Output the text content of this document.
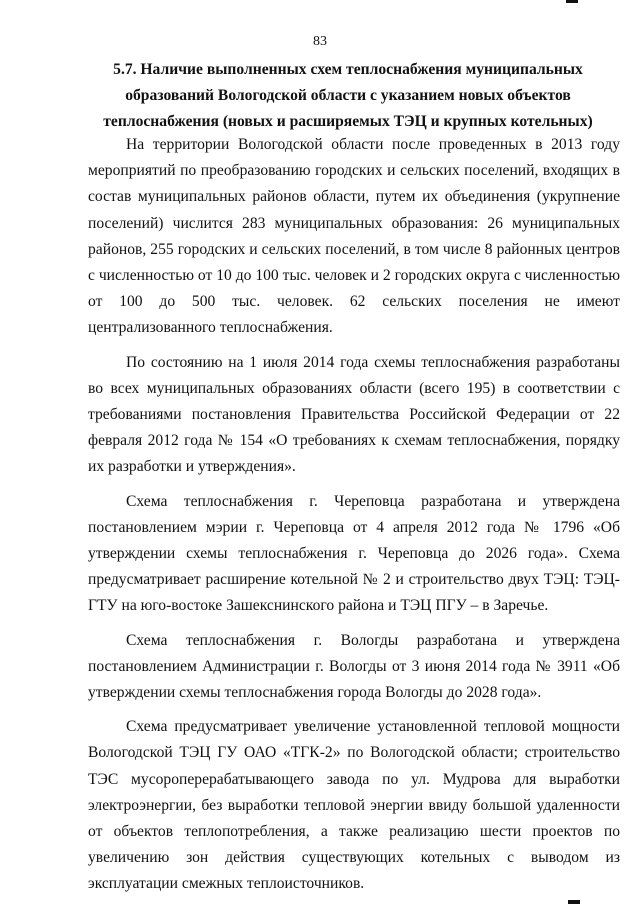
83
5.7. Наличие выполненных схем теплоснабжения муниципальных образований Вологодской области с указанием новых объектов теплоснабжения (новых и расширяемых ТЭЦ и крупных котельных)

На территории Вологодской области после проведенных в 2013 году мероприятий по преобразованию городских и сельских поселений, входящих в состав муниципальных районов области, путем их объединения (укрупнение поселений) числится 283 муниципальных образования: 26 муниципальных районов, 255 городских и сельских поселений, в том числе 8 районных центров с численностью от 10 до 100 тыс. человек и 2 городских округа с численностью от 100 до 500 тыс. человек. 62 сельских поселения не имеют централизованного теплоснабжения.

По состоянию на 1 июля 2014 года схемы теплоснабжения разработаны во всех муниципальных образованиях области (всего 195) в соответствии с требованиями постановления Правительства Российской Федерации от 22 февраля 2012 года № 154 «О требованиях к схемам теплоснабжения, порядку их разработки и утверждения».

Схема теплоснабжения г. Череповца разработана и утверждена постановлением мэрии г. Череповца от 4 апреля 2012 года № 1796 «Об утверждении схемы теплоснабжения г. Череповца до 2026 года». Схема предусматривает расширение котельной № 2 и строительство двух ТЭЦ: ТЭЦ-ГТУ на юго-востоке Зашекснинского района и ТЭЦ ПГУ – в Заречье.

Схема теплоснабжения г. Вологды разработана и утверждена постановлением Администрации г. Вологды от 3 июня 2014 года № 3911 «Об утверждении схемы теплоснабжения города Вологды до 2028 года».

Схема предусматривает увеличение установленной тепловой мощности Вологодской ТЭЦ ГУ ОАО «ТГК-2» по Вологодской области; строительство ТЭС мусороперерабатывающего завода по ул. Мудрова для выработки электроэнергии, без выработки тепловой энергии ввиду большой удаленности от объектов теплопотребления, а также реализацию шести проектов по увеличению зон действия существующих котельных с выводом из эксплуатации смежных теплоисточников.
